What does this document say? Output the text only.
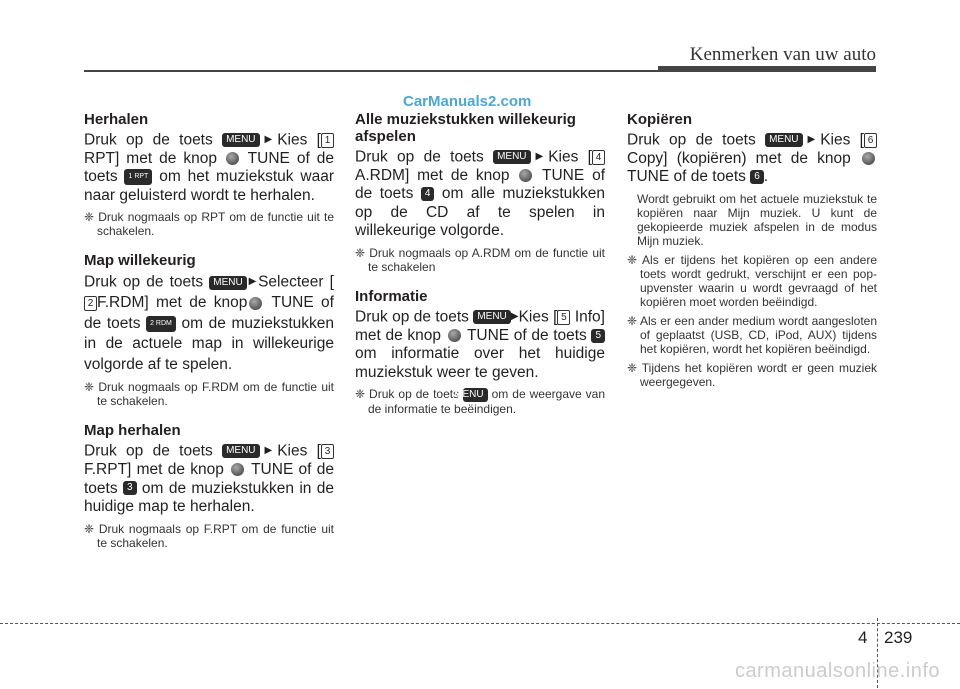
Kenmerken van uw auto
CarManuals2.com
Herhalen

Druk op de toets MENU ▶Kies [ 1 RPT] met de knop TUNE of de toets 1 RPT om het muziekstuk waar naar geluisterd wordt te herhalen.

❈ Druk nogmaals op RPT om de functie uit te schakelen.

Map willekeurig

Druk op de toets MENU ▶Selecteer [2 F.RDM] met de knop TUNE of de toets 2 RDM om de muziekstukken in de actuele map in willekeurige volgorde af te spelen.

❈ Druk nogmaals op F.RDM om de functie uit te schakelen.

Map herhalen

Druk op de toets MENU ▶Kies [ 3 F.RPT] met de knop TUNE of de toets 3 om de muziekstukken in de huidige map te herhalen.

❈ Druk nogmaals op F.RPT om de functie uit te schakelen.

Alle muziekstukken willekeurig afspelen

Druk op de toets MENU ▶Kies [ 4 A.RDM] met de knop TUNE of de toets 4 om alle muziekstukken op de CD af te spelen in willekeurige volgorde.

❈ Druk nogmaals op A.RDM om de functie uit te schakelen

Informatie

Druk op de toets MENU ▶Kies [ 5 Info] met de knop TUNE of de toets 5 om informatie over het huidige muziekstuk weer te geven.

❈ Druk op de toets MENU om de weergave van de informatie te beëindigen.

Kopiëren

Druk op de toets MENU ▶Kies [ 6 Copy] (kopiëren) met de knop  TUNE of de toets 6 .

Wordt gebruikt om het actuele muziekstuk te kopiëren naar Mijn muziek. U kunt de gekopieerde muziek afspelen in de modus Mijn muziek.

❈ Als er tijdens het kopiëren op een andere toets wordt gedrukt, verschijnt er een pop-upvenster waarin u wordt gevraagd of het kopiëren moet worden beëindigd.

❈ Als er een ander medium wordt aangesloten of geplaatst (USB, CD, iPod, AUX) tijdens het kopiëren, wordt het kopiëren beëindigd.

❈ Tijdens het kopiëren wordt er geen muziek weergegeven.

4 239
carmanualsonline.info
